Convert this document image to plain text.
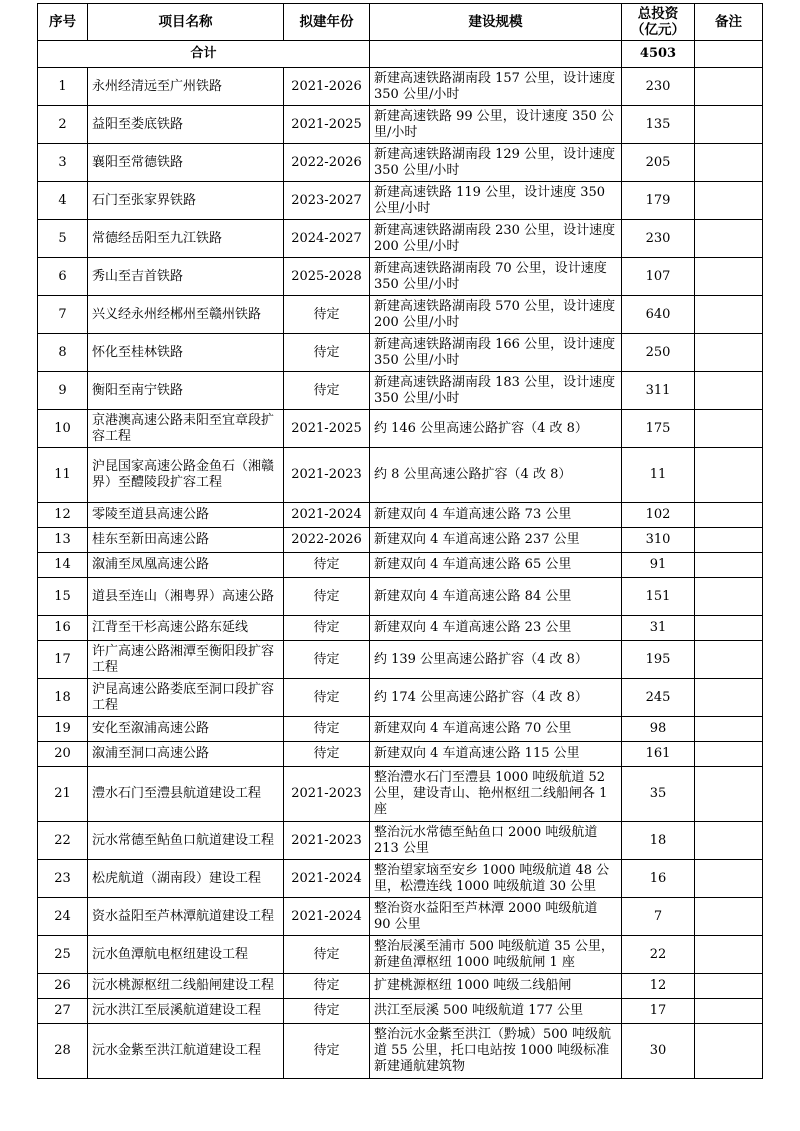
序号	项目名称	拟建年份	建设规模	总投资（亿元）	备注
合计				4503	
1	永州经清远至广州铁路	2021-2026	新建高速铁路湖南段 157 公里，设计速度 350 公里/小时	230	
2	益阳至娄底铁路	2021-2025	新建高速铁路 99 公里，设计速度 350 公里/小时	135	
3	襄阳至常德铁路	2022-2026	新建高速铁路湖南段 129 公里，设计速度 350 公里/小时	205	
4	石门至张家界铁路	2023-2027	新建高速铁路 119 公里，设计速度 350 公里/小时	179	
5	常德经岳阳至九江铁路	2024-2027	新建高速铁路湖南段 230 公里，设计速度 200 公里/小时	230	
6	秀山至吉首铁路	2025-2028	新建高速铁路湖南段 70 公里，设计速度 350 公里/小时	107	
7	兴义经永州经郴州至赣州铁路	待定	新建高速铁路湖南段 570 公里，设计速度 200 公里/小时	640	
8	怀化至桂林铁路	待定	新建高速铁路湖南段 166 公里，设计速度 350 公里/小时	250	
9	衡阳至南宁铁路	待定	新建高速铁路湖南段 183 公里，设计速度 350 公里/小时	311	
10	京港澳高速公路耒阳至宜章段扩容工程	2021-2025	约 146 公里高速公路扩容（4 改 8）	175	
11	沪昆国家高速公路金鱼石（湘赣界）至醴陵段扩容工程	2021-2023	约 8 公里高速公路扩容（4 改 8）	11	
12	零陵至道县高速公路	2021-2024	新建双向 4 车道高速公路 73 公里	102	
13	桂东至新田高速公路	2022-2026	新建双向 4 车道高速公路 237 公里	310	
14	溆浦至凤凰高速公路	待定	新建双向 4 车道高速公路 65 公里	91	
15	道县至连山（湘粤界）高速公路	待定	新建双向 4 车道高速公路 84 公里	151	
16	江背至干杉高速公路东延线	待定	新建双向 4 车道高速公路 23 公里	31	
17	许广高速公路湘潭至衡阳段扩容工程	待定	约 139 公里高速公路扩容（4 改 8）	195	
18	沪昆高速公路娄底至洞口段扩容工程	待定	约 174 公里高速公路扩容（4 改 8）	245	
19	安化至溆浦高速公路	待定	新建双向 4 车道高速公路 70 公里	98	
20	溆浦至洞口高速公路	待定	新建双向 4 车道高速公路 115 公里	161	
21	澧水石门至澧县航道建设工程	2021-2023	整治澧水石门至澧县 1000 吨级航道 52 公里，建设青山、艳州枢纽二线船闸各 1 座	35	
22	沅水常德至鲇鱼口航道建设工程	2021-2023	整治沅水常德至鲇鱼口 2000 吨级航道 213 公里	18	
23	松虎航道（湖南段）建设工程	2021-2024	整治望家垴至安乡 1000 吨级航道 48 公里，松澧连线 1000 吨级航道 30 公里	16	
24	资水益阳至芦林潭航道建设工程	2021-2024	整治资水益阳至芦林潭 2000 吨级航道 90 公里	7	
25	沅水鱼潭航电枢纽建设工程	待定	整治辰溪至浦市 500 吨级航道 35 公里，新建鱼潭枢纽 1000 吨级航闸 1 座	22	
26	沅水桃源枢纽二线船闸建设工程	待定	扩建桃源枢纽 1000 吨级二线船闸	12	
27	沅水洪江至辰溪航道建设工程	待定	洪江至辰溪 500 吨级航道 177 公里	17	
28	沅水金紫至洪江航道建设工程	待定	整治沅水金紫至洪江（黔城）500 吨级航道 55 公里，托口电站按 1000 吨级标准新建通航建筑物	30	
